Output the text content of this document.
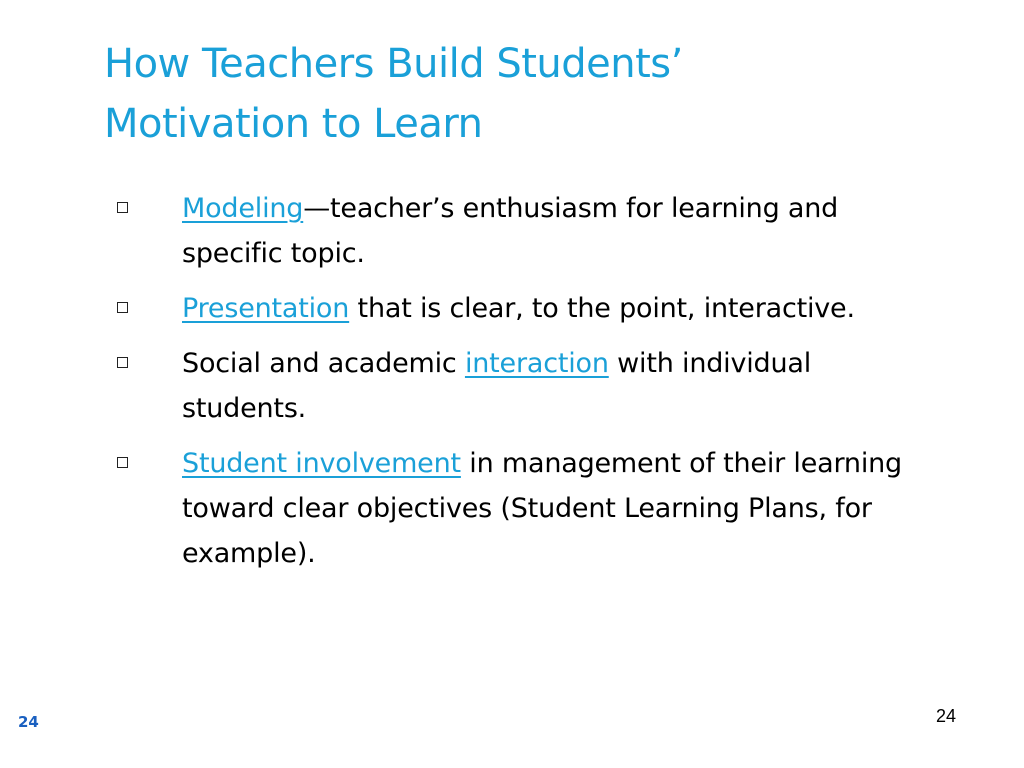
How Teachers Build Students’
Motivation to Learn
Modeling—teacher’s enthusiasm for learning and specific topic.
Presentation that is clear, to the point, interactive.
Social and academic interaction with individual students.
Student involvement in management of their learning toward clear objectives (Student Learning Plans, for example).
24	24
